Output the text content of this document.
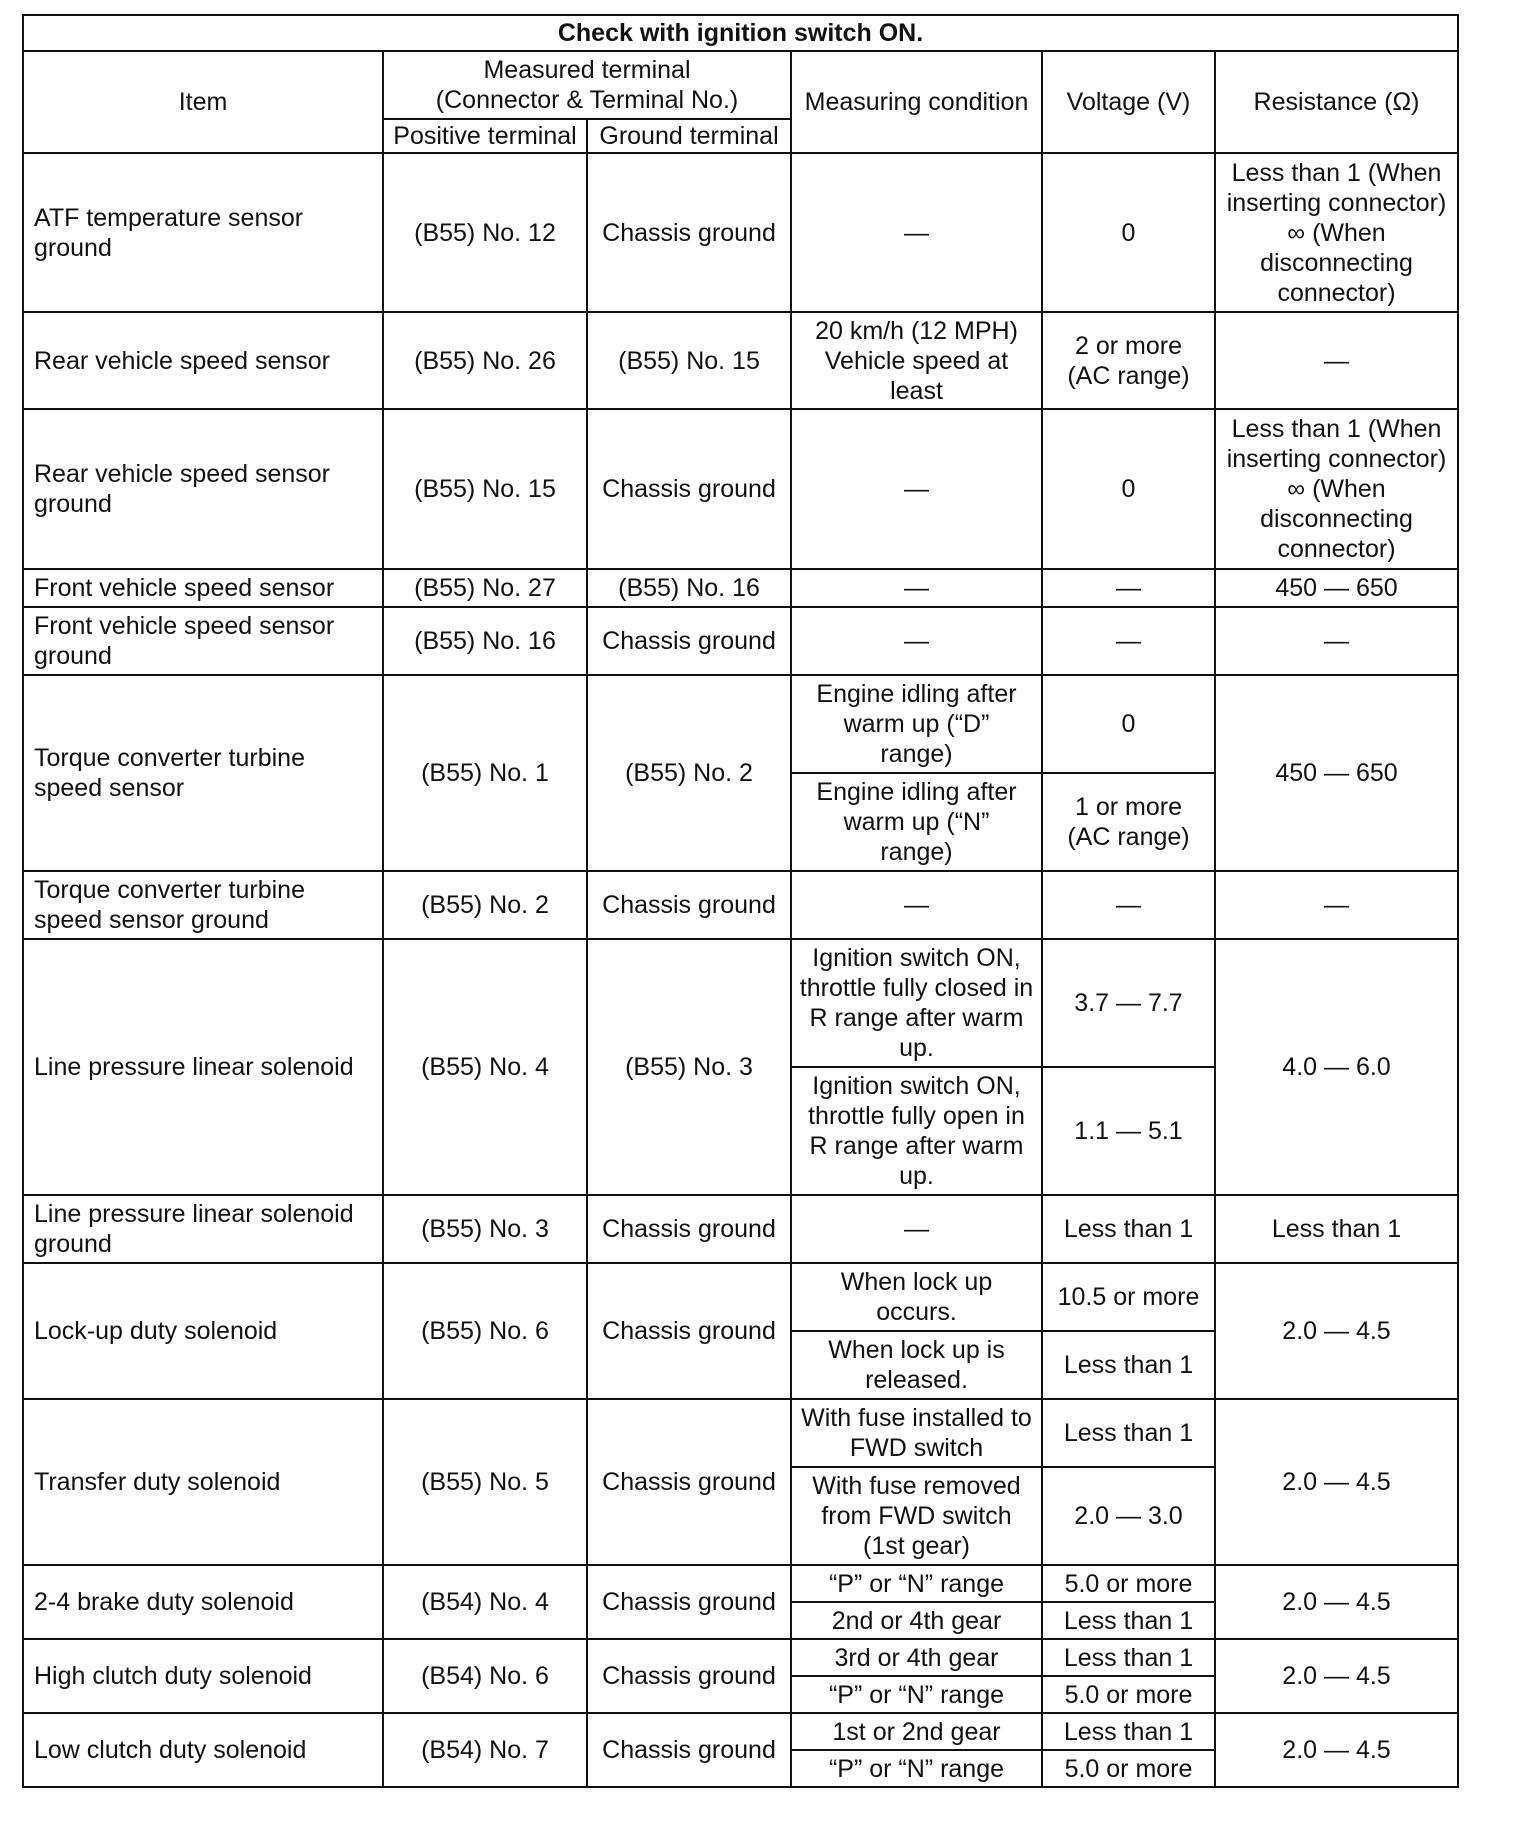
Check with ignition switch ON.					
Item	Measured terminal (Connector & Terminal No.)		Measuring condition	Voltage (V)	Resistance (Ω)
	Positive terminal	Ground terminal			
ATF temperature sensor ground	(B55) No. 12	Chassis ground	—	0	Less than 1 (When inserting connector) ∞ (When disconnecting connector)
Rear vehicle speed sensor	(B55) No. 26	(B55) No. 15	20 km/h (12 MPH) Vehicle speed at least	2 or more (AC range)	—
Rear vehicle speed sensor ground	(B55) No. 15	Chassis ground	—	0	Less than 1 (When inserting connector) ∞ (When disconnecting connector)
Front vehicle speed sensor	(B55) No. 27	(B55) No. 16	—	—	450 — 650
Front vehicle speed sensor ground	(B55) No. 16	Chassis ground	—	—	—
Torque converter turbine speed sensor	(B55) No. 1	(B55) No. 2	Engine idling after warm up (“D” range)	0	450 — 650
			Engine idling after warm up (“N” range)	1 or more (AC range)	
Torque converter turbine speed sensor ground	(B55) No. 2	Chassis ground	—	—	—
Line pressure linear solenoid	(B55) No. 4	(B55) No. 3	Ignition switch ON, throttle fully closed in R range after warm up.	3.7 — 7.7	4.0 — 6.0
			Ignition switch ON, throttle fully open in R range after warm up.	1.1 — 5.1	
Line pressure linear solenoid ground	(B55) No. 3	Chassis ground	—	Less than 1	Less than 1
Lock-up duty solenoid	(B55) No. 6	Chassis ground	When lock up occurs.	10.5 or more	2.0 — 4.5
			When lock up is released.	Less than 1	
Transfer duty solenoid	(B55) No. 5	Chassis ground	With fuse installed to FWD switch	Less than 1	2.0 — 4.5
			With fuse removed from FWD switch (1st gear)	2.0 — 3.0	
2-4 brake duty solenoid	(B54) No. 4	Chassis ground	“P” or “N” range	5.0 or more	2.0 — 4.5
			2nd or 4th gear	Less than 1	
High clutch duty solenoid	(B54) No. 6	Chassis ground	3rd or 4th gear	Less than 1	2.0 — 4.5
			“P” or “N” range	5.0 or more	
Low clutch duty solenoid	(B54) No. 7	Chassis ground	1st or 2nd gear	Less than 1	2.0 — 4.5
			“P” or “N” range	5.0 or more	
